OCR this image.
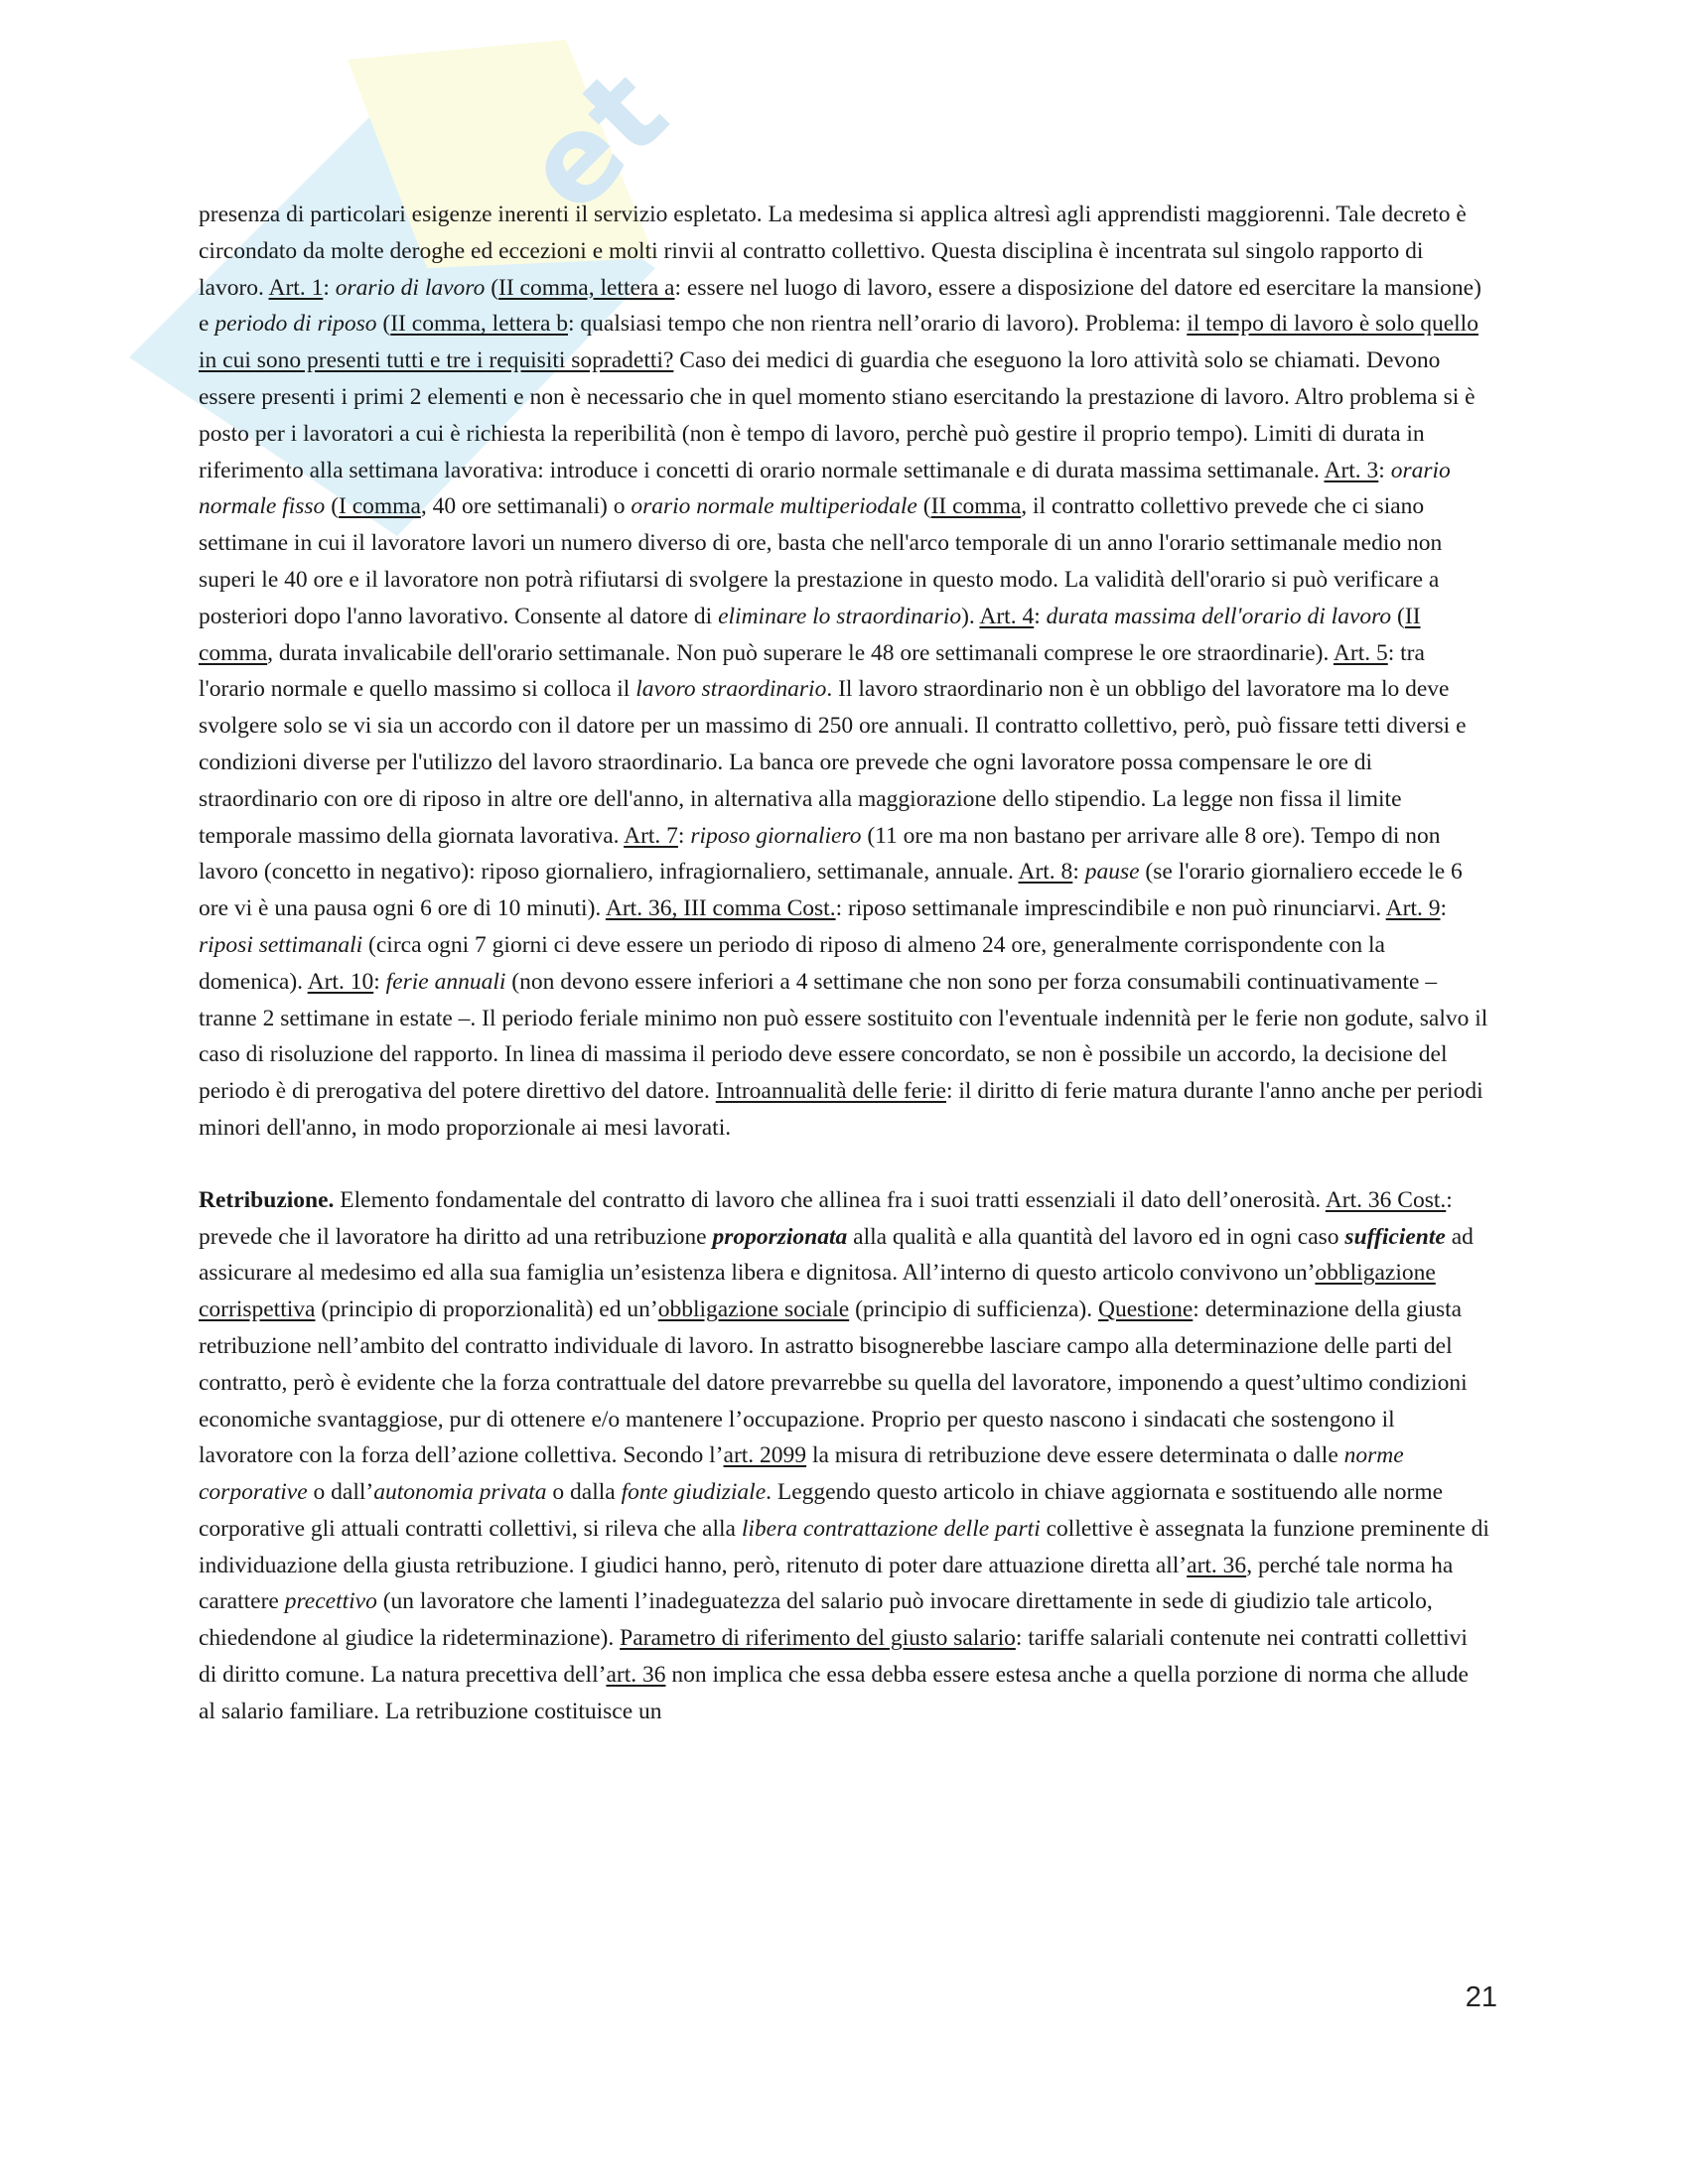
et

presenza di particolari esigenze inerenti il servizio espletato. La medesima si applica altresì agli apprendisti maggiorenni. Tale decreto è circondato da molte deroghe ed eccezioni e molti rinvii al contratto collettivo. Questa disciplina è incentrata sul singolo rapporto di lavoro. Art. 1: orario di lavoro (II comma, lettera a: essere nel luogo di lavoro, essere a disposizione del datore ed esercitare la mansione) e periodo di riposo (II comma, lettera b: qualsiasi tempo che non rientra nell’orario di lavoro). Problema: il tempo di lavoro è solo quello in cui sono presenti tutti e tre i requisiti sopradetti? Caso dei medici di guardia che eseguono la loro attività solo se chiamati. Devono essere presenti i primi 2 elementi e non è necessario che in quel momento stiano esercitando la prestazione di lavoro. Altro problema si è posto per i lavoratori a cui è richiesta la reperibilità (non è tempo di lavoro, perchè può gestire il proprio tempo). Limiti di durata in riferimento alla settimana lavorativa: introduce i concetti di orario normale settimanale e di durata massima settimanale. Art. 3: orario normale fisso (I comma, 40 ore settimanali) o orario normale multiperiodale (II comma, il contratto collettivo prevede che ci siano settimane in cui il lavoratore lavori un numero diverso di ore, basta che nell'arco temporale di un anno l'orario settimanale medio non superi le 40 ore e il lavoratore non potrà rifiutarsi di svolgere la prestazione in questo modo. La validità dell'orario si può verificare a posteriori dopo l'anno lavorativo. Consente al datore di eliminare lo straordinario). Art. 4: durata massima dell'orario di lavoro (II comma, durata invalicabile dell'orario settimanale. Non può superare le 48 ore settimanali comprese le ore straordinarie). Art. 5: tra l'orario normale e quello massimo si colloca il lavoro straordinario. Il lavoro straordinario non è un obbligo del lavoratore ma lo deve svolgere solo se vi sia un accordo con il datore per un massimo di 250 ore annuali. Il contratto collettivo, però, può fissare tetti diversi e condizioni diverse per l'utilizzo del lavoro straordinario. La banca ore prevede che ogni lavoratore possa compensare le ore di straordinario con ore di riposo in altre ore dell'anno, in alternativa alla maggiorazione dello stipendio. La legge non fissa il limite temporale massimo della giornata lavorativa. Art. 7: riposo giornaliero (11 ore ma non bastano per arrivare alle 8 ore). Tempo di non lavoro (concetto in negativo): riposo giornaliero, infragiornaliero, settimanale, annuale. Art. 8: pause (se l'orario giornaliero eccede le 6 ore vi è una pausa ogni 6 ore di 10 minuti). Art. 36, III comma Cost.: riposo settimanale imprescindibile e non può rinunciarvi. Art. 9: riposi settimanali (circa ogni 7 giorni ci deve essere un periodo di riposo di almeno 24 ore, generalmente corrispondente con la domenica). Art. 10: ferie annuali (non devono essere inferiori a 4 settimane che non sono per forza consumabili continuativamente – tranne 2 settimane in estate –. Il periodo feriale minimo non può essere sostituito con l'eventuale indennità per le ferie non godute, salvo il caso di risoluzione del rapporto. In linea di massima il periodo deve essere concordato, se non è possibile un accordo, la decisione del periodo è di prerogativa del potere direttivo del datore. Introannualità delle ferie: il diritto di ferie matura durante l'anno anche per periodi minori dell'anno, in modo proporzionale ai mesi lavorati.

Retribuzione. Elemento fondamentale del contratto di lavoro che allinea fra i suoi tratti essenziali il dato dell’onerosità. Art. 36 Cost.: prevede che il lavoratore ha diritto ad una retribuzione proporzionata alla qualità e alla quantità del lavoro ed in ogni caso sufficiente ad assicurare al medesimo ed alla sua famiglia un’esistenza libera e dignitosa. All’interno di questo articolo convivono un’obbligazione corrispettiva (principio di proporzionalità) ed un’obbligazione sociale (principio di sufficienza). Questione: determinazione della giusta retribuzione nell’ambito del contratto individuale di lavoro. In astratto bisognerebbe lasciare campo alla determinazione delle parti del contratto, però è evidente che la forza contrattuale del datore prevarrebbe su quella del lavoratore, imponendo a quest’ultimo condizioni economiche svantaggiose, pur di ottenere e/o mantenere l’occupazione. Proprio per questo nascono i sindacati che sostengono il lavoratore con la forza dell’azione collettiva. Secondo l’art. 2099 la misura di retribuzione deve essere determinata o dalle norme corporative o dall’autonomia privata o dalla fonte giudiziale. Leggendo questo articolo in chiave aggiornata e sostituendo alle norme corporative gli attuali contratti collettivi, si rileva che alla libera contrattazione delle parti collettive è assegnata la funzione preminente di individuazione della giusta retribuzione. I giudici hanno, però, ritenuto di poter dare attuazione diretta all’art. 36, perché tale norma ha carattere precettivo (un lavoratore che lamenti l’inadeguatezza del salario può invocare direttamente in sede di giudizio tale articolo, chiedendone al giudice la rideterminazione). Parametro di riferimento del giusto salario: tariffe salariali contenute nei contratti collettivi di diritto comune. La natura precettiva dell’art. 36 non implica che essa debba essere estesa anche a quella porzione di norma che allude al salario familiare. La retribuzione costituisce un

21
